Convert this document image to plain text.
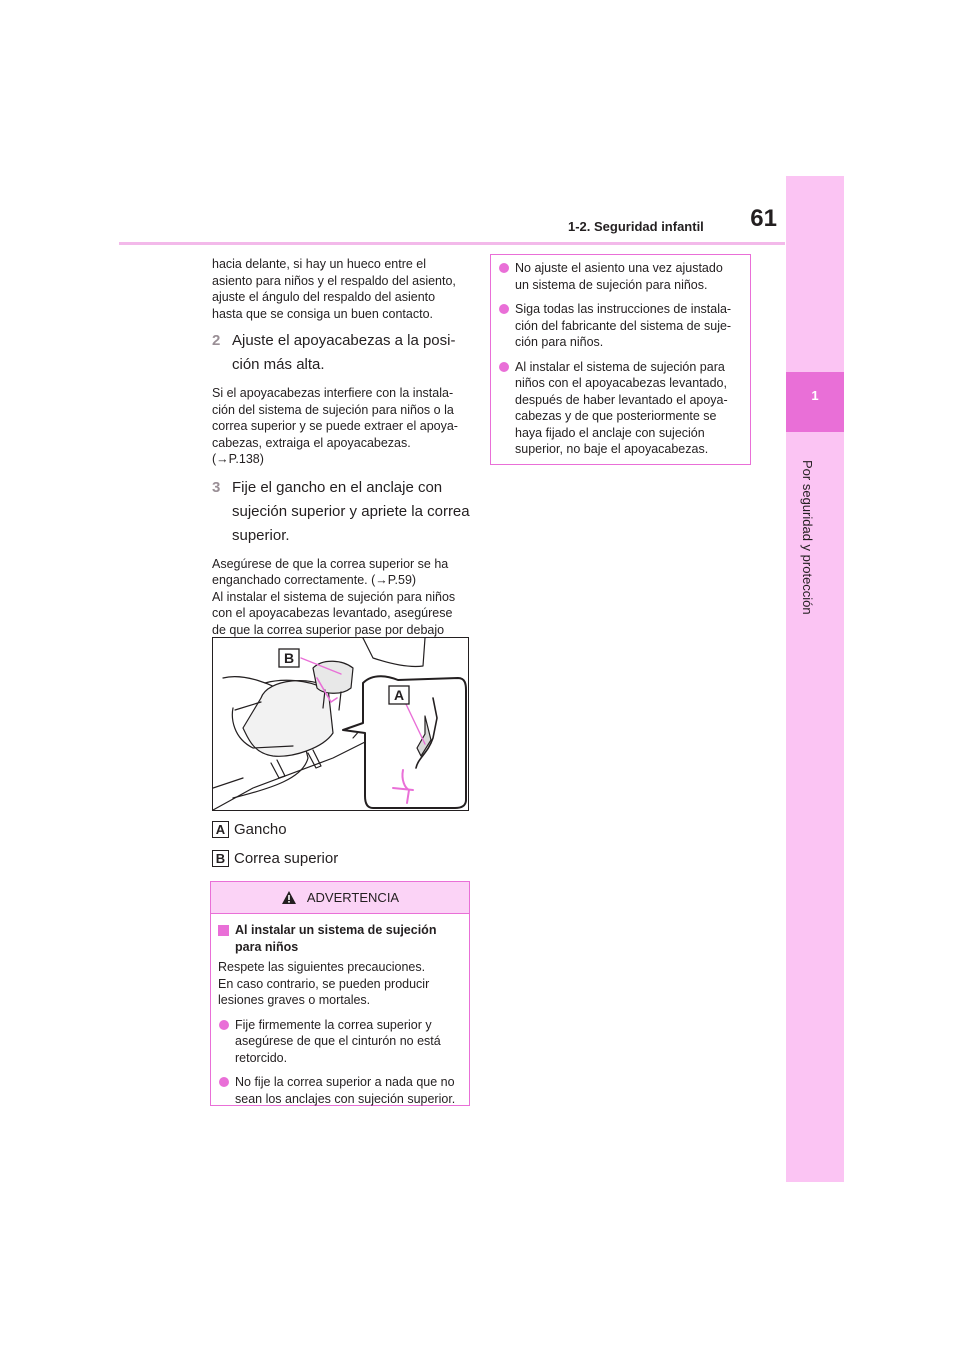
1
Por seguridad y protección
1-2. Seguridad infantil	61

hacia delante, si hay un hueco entre el
asiento para niños y el respaldo del asiento,
ajuste el ángulo del respaldo del asiento
hasta que se consiga un buen contacto.

2 Ajuste el apoyacabezas a la posi-
ción más alta.

Si el apoyacabezas interfiere con la instala-
ción del sistema de sujeción para niños o la
correa superior y se puede extraer el apoya-
cabezas, extraiga el apoyacabezas.
(→P.138)

3 Fije el gancho en el anclaje con
sujeción superior y apriete la correa
superior.

Asegúrese de que la correa superior se ha
enganchado correctamente. (→P.59)
Al instalar el sistema de sujeción para niños
con el apoyacabezas levantado, asegúrese
de que la correa superior pase por debajo

B
A
A Gancho
B Correa superior
ADVERTENCIA
Al instalar un sistema de sujeción
para niños

Respete las siguientes precauciones.
En caso contrario, se pueden producir
lesiones graves o mortales.

Fije firmemente la correa superior y
asegúrese de que el cinturón no está
retorcido.
No fije la correa superior a nada que no
sean los anclajes con sujeción superior.
No ajuste el asiento una vez ajustado
un sistema de sujeción para niños.
Siga todas las instrucciones de instala-
ción del fabricante del sistema de suje-
ción para niños.
Al instalar el sistema de sujeción para
niños con el apoyacabezas levantado,
después de haber levantado el apoya-
cabezas y de que posteriormente se
haya fijado el anclaje con sujeción
superior, no baje el apoyacabezas.
